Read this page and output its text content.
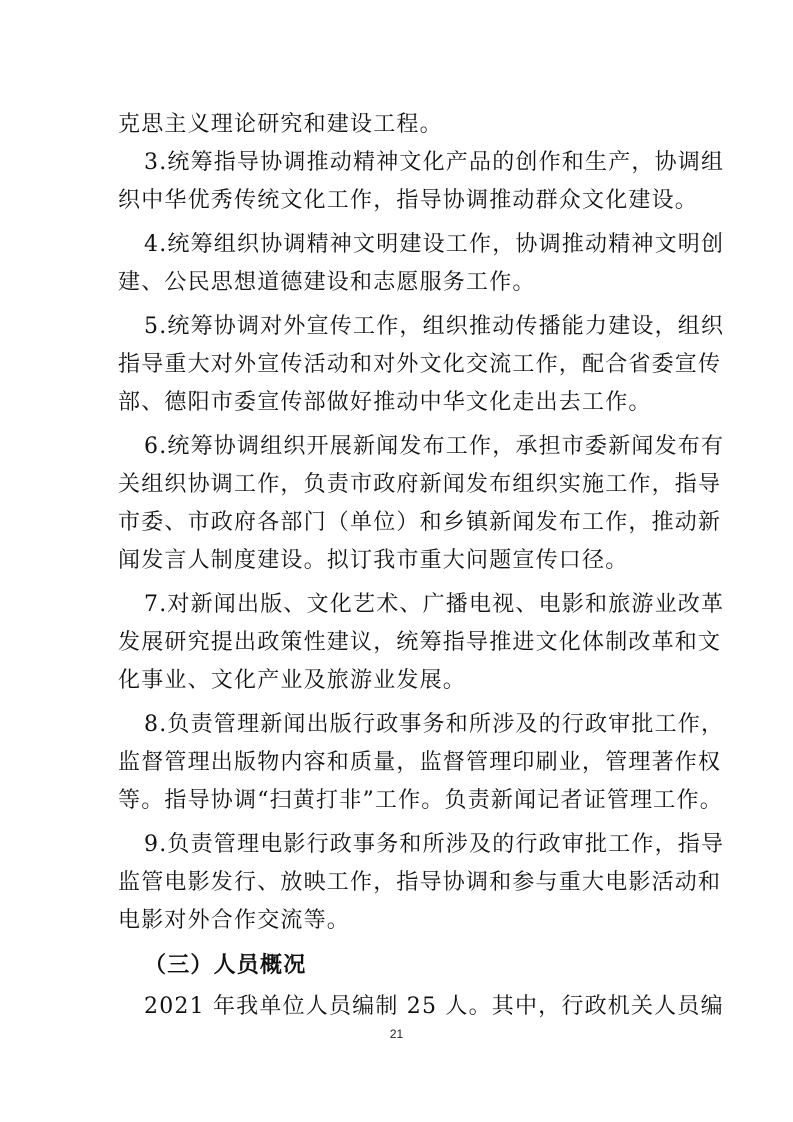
克思主义理论研究和建设工程。
3.统筹指导协调推动精神文化产品的创作和生产，协调组
织中华优秀传统文化工作，指导协调推动群众文化建设。
4.统筹组织协调精神文明建设工作，协调推动精神文明创
建、公民思想道德建设和志愿服务工作。
5.统筹协调对外宣传工作，组织推动传播能力建设，组织
指导重大对外宣传活动和对外文化交流工作，配合省委宣传
部、德阳市委宣传部做好推动中华文化走出去工作。
6.统筹协调组织开展新闻发布工作，承担市委新闻发布有
关组织协调工作，负责市政府新闻发布组织实施工作，指导
市委、市政府各部门（单位）和乡镇新闻发布工作，推动新
闻发言人制度建设。拟订我市重大问题宣传口径。
7.对新闻出版、文化艺术、广播电视、电影和旅游业改革
发展研究提出政策性建议，统筹指导推进文化体制改革和文
化事业、文化产业及旅游业发展。
8.负责管理新闻出版行政事务和所涉及的行政审批工作，
监督管理出版物内容和质量，监督管理印刷业，管理著作权
等。指导协调“扫黄打非”工作。负责新闻记者证管理工作。
9.负责管理电影行政事务和所涉及的行政审批工作，指导
监管电影发行、放映工作，指导协调和参与重大电影活动和
电影对外合作交流等。
（三）人员概况
2021 年我单位人员编制 25 人。其中，行政机关人员编
21
